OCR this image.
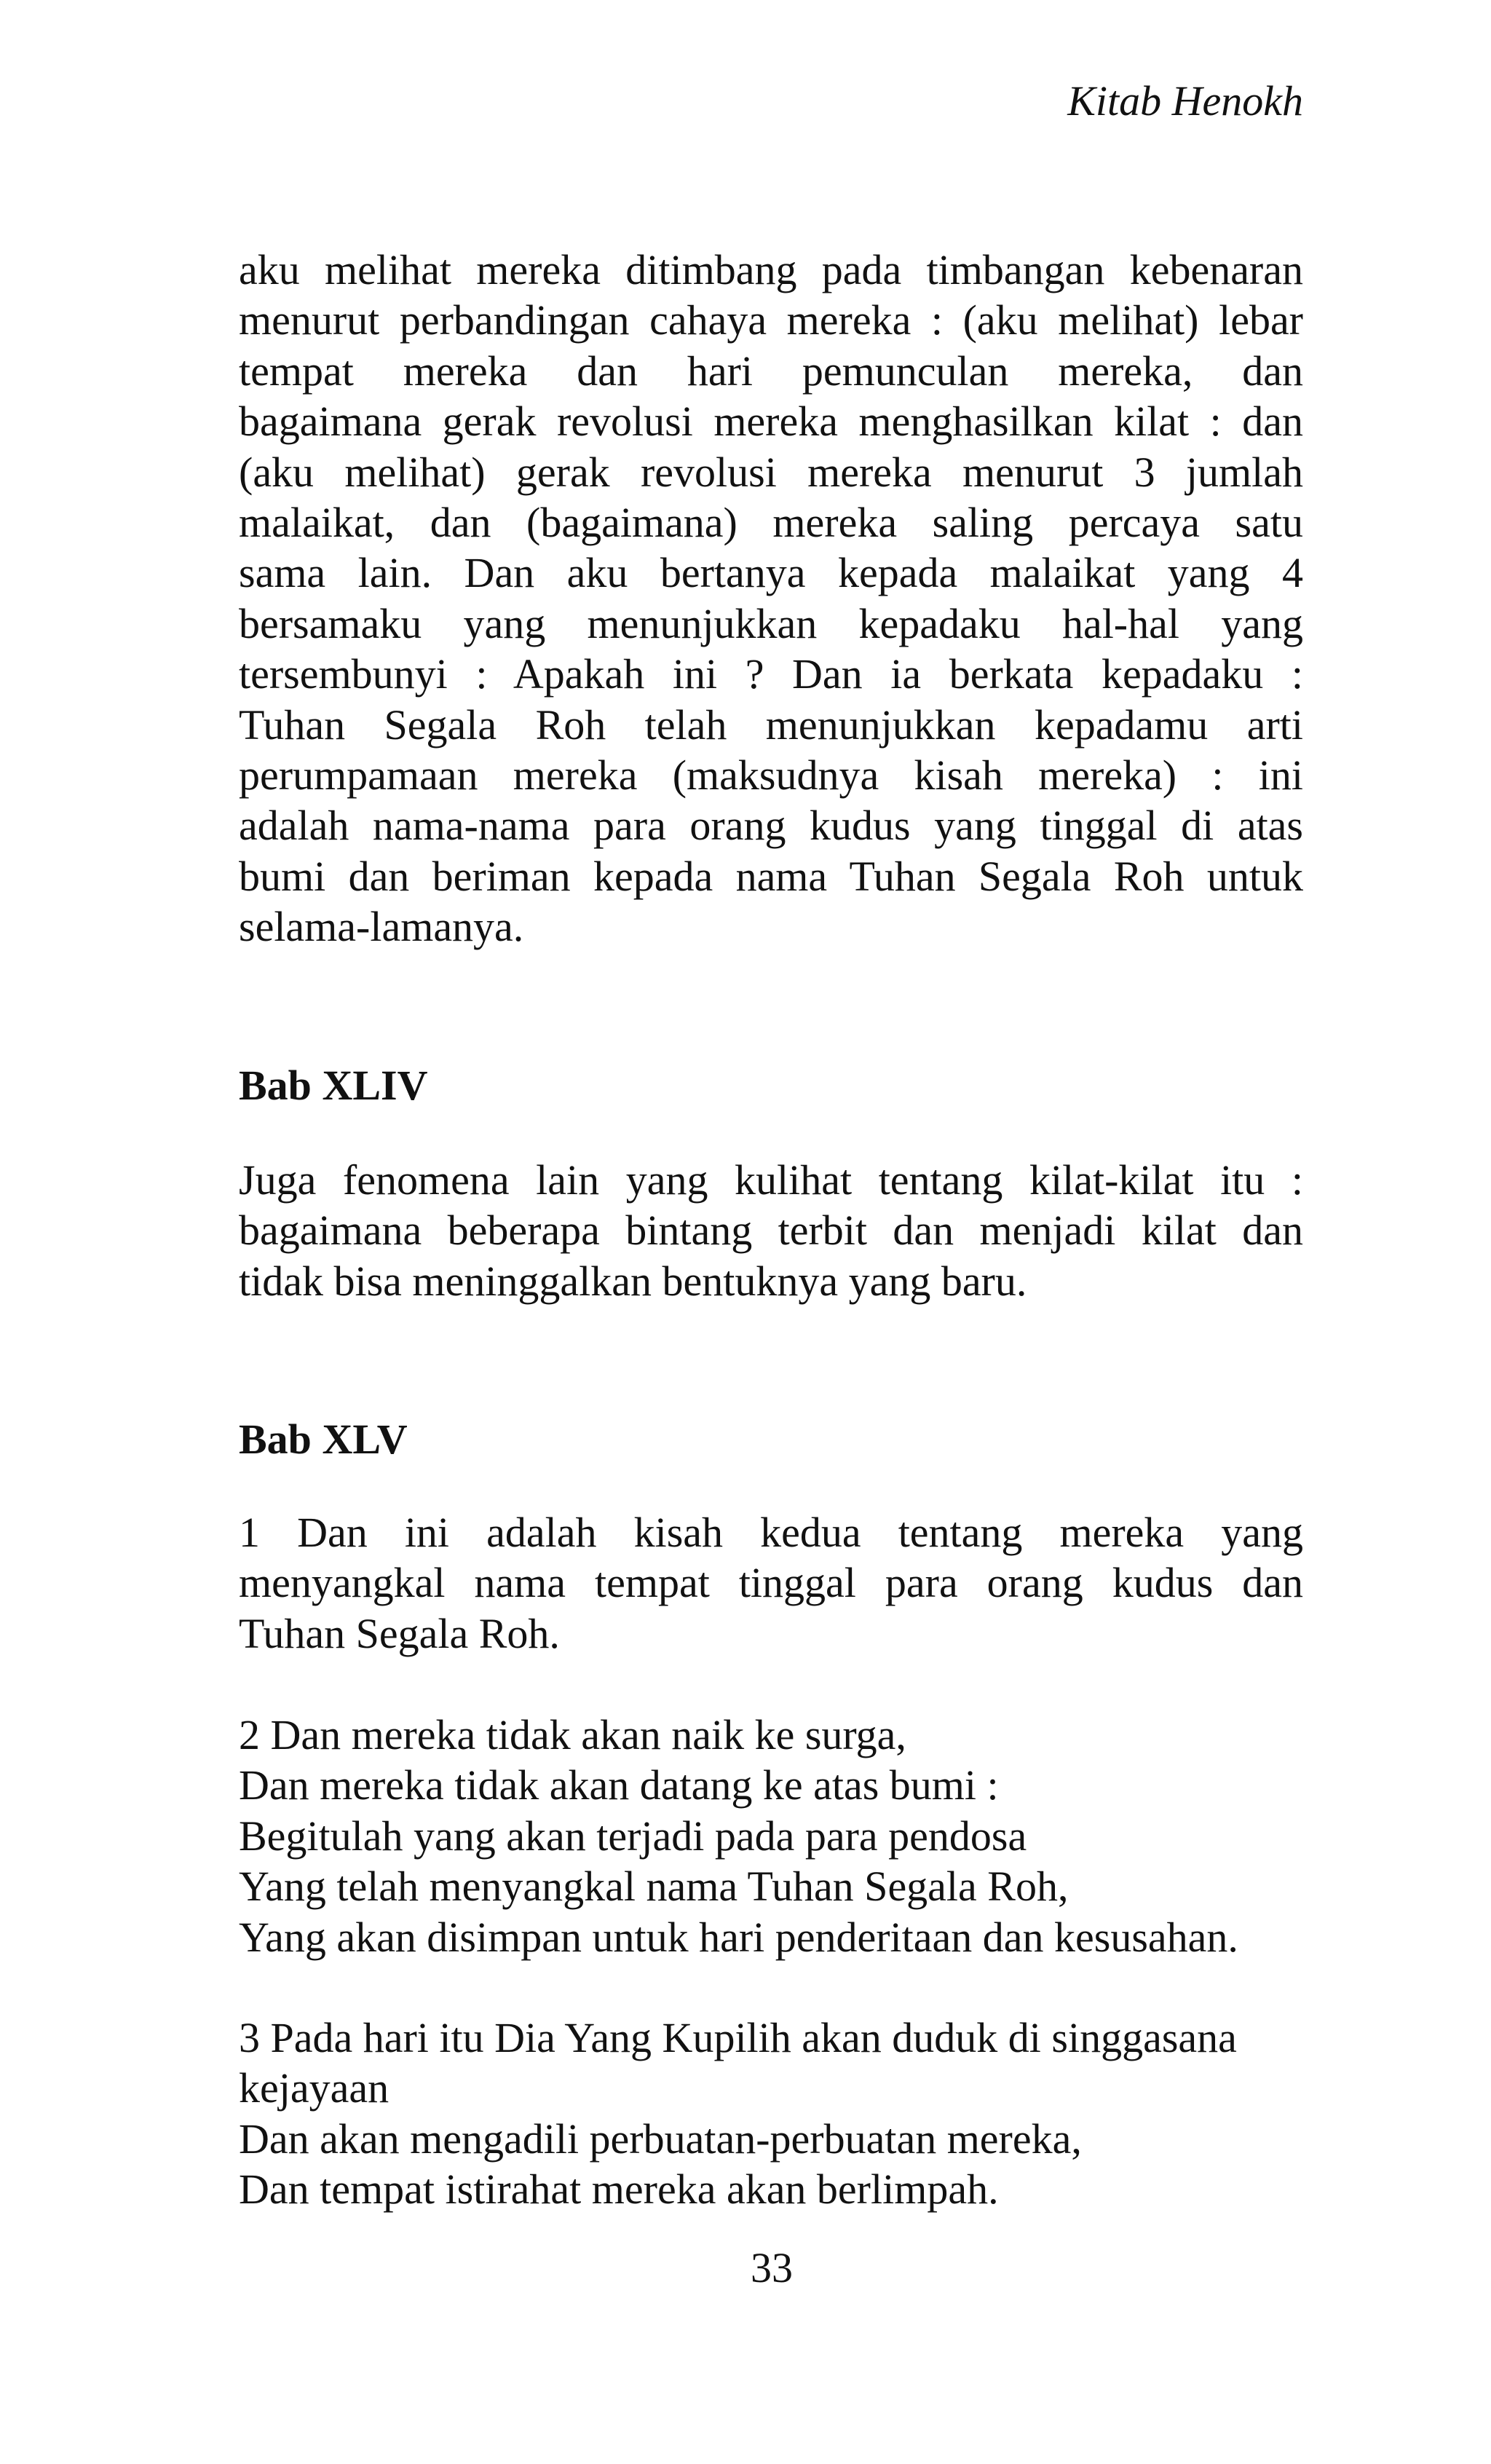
Kitab Henokh
aku melihat mereka ditimbang pada timbangan kebenaran
menurut perbandingan cahaya mereka : (aku melihat) lebar
tempat mereka dan hari pemunculan mereka, dan
bagaimana gerak revolusi mereka menghasilkan kilat : dan
(aku melihat) gerak revolusi mereka menurut 3 jumlah
malaikat, dan (bagaimana) mereka saling percaya satu
sama lain. Dan aku bertanya kepada malaikat yang 4
bersamaku yang menunjukkan kepadaku hal-hal yang
tersembunyi : Apakah ini ? Dan ia berkata kepadaku :
Tuhan Segala Roh telah menunjukkan kepadamu arti
perumpamaan mereka (maksudnya kisah mereka) : ini
adalah nama-nama para orang kudus yang tinggal di atas
bumi dan beriman kepada nama Tuhan Segala Roh untuk
selama-lamanya.
Bab XLIV
Juga fenomena lain yang kulihat tentang kilat-kilat itu :
bagaimana beberapa bintang terbit dan menjadi kilat dan
tidak bisa meninggalkan bentuknya yang baru.
Bab XLV
1 Dan ini adalah kisah kedua tentang mereka yang
menyangkal nama tempat tinggal para orang kudus dan
Tuhan Segala Roh.
2 Dan mereka tidak akan naik ke surga,
Dan mereka tidak akan datang ke atas bumi :
Begitulah yang akan terjadi pada para pendosa
Yang telah menyangkal nama Tuhan Segala Roh,
Yang akan disimpan untuk hari penderitaan dan kesusahan.
3 Pada hari itu Dia Yang Kupilih akan duduk di singgasana
kejayaan
Dan akan mengadili perbuatan-perbuatan mereka,
Dan tempat istirahat mereka akan berlimpah.
33
